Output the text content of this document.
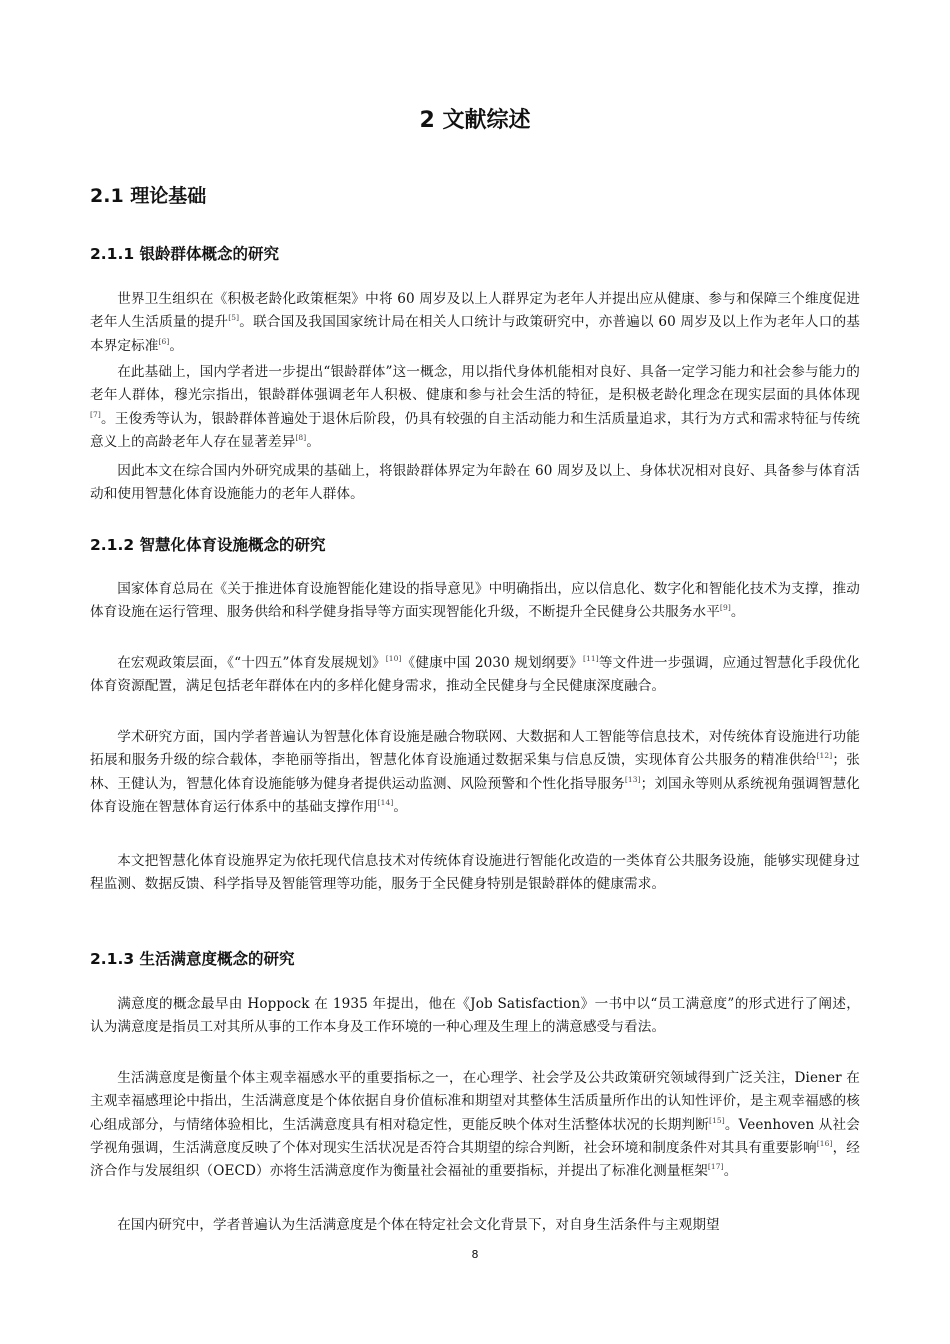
2 文献综述
2.1 理论基础
2.1.1 银龄群体概念的研究
世界卫生组织在《积极老龄化政策框架》中将 60 周岁及以上人群界定为老年人并提出应从健康、参与和保障三个维度促进老年人生活质量的提升[5]。联合国及我国国家统计局在相关人口统计与政策研究中，亦普遍以 60 周岁及以上作为老年人口的基本界定标准[6]。
在此基础上，国内学者进一步提出“银龄群体”这一概念，用以指代身体机能相对良好、具备一定学习能力和社会参与能力的老年人群体，穆光宗指出，银龄群体强调老年人积极、健康和参与社会生活的特征，是积极老龄化理念在现实层面的具体体现[7]。王俊秀等认为，银龄群体普遍处于退休后阶段，仍具有较强的自主活动能力和生活质量追求，其行为方式和需求特征与传统意义上的高龄老年人存在显著差异[8]。
因此本文在综合国内外研究成果的基础上，将银龄群体界定为年龄在 60 周岁及以上、身体状况相对良好、具备参与体育活动和使用智慧化体育设施能力的老年人群体。
2.1.2 智慧化体育设施概念的研究
国家体育总局在《关于推进体育设施智能化建设的指导意见》中明确指出，应以信息化、数字化和智能化技术为支撑，推动体育设施在运行管理、服务供给和科学健身指导等方面实现智能化升级，不断提升全民健身公共服务水平[9]。
在宏观政策层面，《“十四五”体育发展规划》[10]《健康中国 2030 规划纲要》[11]等文件进一步强调，应通过智慧化手段优化体育资源配置，满足包括老年群体在内的多样化健身需求，推动全民健身与全民健康深度融合。
学术研究方面，国内学者普遍认为智慧化体育设施是融合物联网、大数据和人工智能等信息技术，对传统体育设施进行功能拓展和服务升级的综合载体，李艳丽等指出，智慧化体育设施通过数据采集与信息反馈，实现体育公共服务的精准供给[12]；张林、王健认为，智慧化体育设施能够为健身者提供运动监测、风险预警和个性化指导服务[13]；刘国永等则从系统视角强调智慧化体育设施在智慧体育运行体系中的基础支撑作用[14]。
本文把智慧化体育设施界定为依托现代信息技术对传统体育设施进行智能化改造的一类体育公共服务设施，能够实现健身过程监测、数据反馈、科学指导及智能管理等功能，服务于全民健身特别是银龄群体的健康需求。
2.1.3 生活满意度概念的研究
满意度的概念最早由 Hoppock 在 1935 年提出，他在《Job Satisfaction》一书中以“员工满意度”的形式进行了阐述，认为满意度是指员工对其所从事的工作本身及工作环境的一种心理及生理上的满意感受与看法。
生活满意度是衡量个体主观幸福感水平的重要指标之一，在心理学、社会学及公共政策研究领域得到广泛关注，Diener 在主观幸福感理论中指出，生活满意度是个体依据自身价值标准和期望对其整体生活质量所作出的认知性评价，是主观幸福感的核心组成部分，与情绪体验相比，生活满意度具有相对稳定性，更能反映个体对生活整体状况的长期判断[15]。Veenhoven 从社会学视角强调，生活满意度反映了个体对现实生活状况是否符合其期望的综合判断，社会环境和制度条件对其具有重要影响[16]，经济合作与发展组织（OECD）亦将生活满意度作为衡量社会福祉的重要指标，并提出了标准化测量框架[17]。
在国内研究中，学者普遍认为生活满意度是个体在特定社会文化背景下，对自身生活条件与主观期望
8
